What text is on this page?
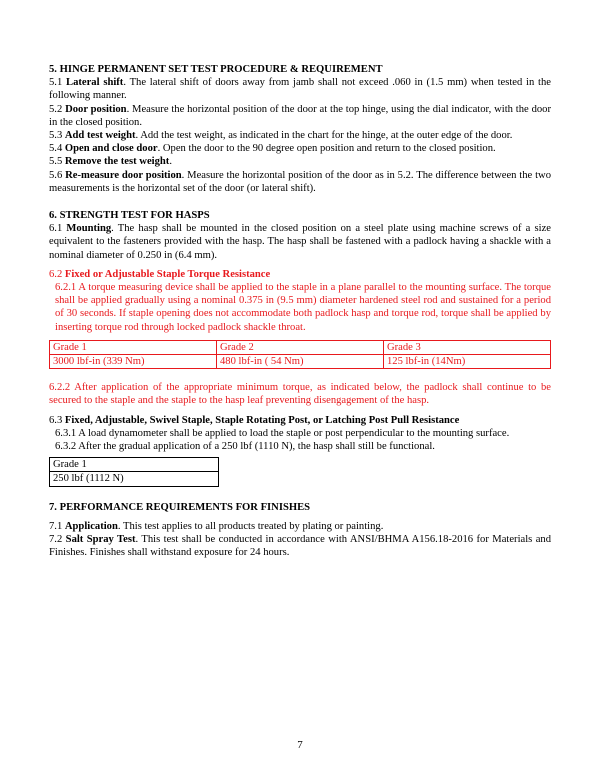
5. HINGE PERMANENT SET TEST PROCEDURE & REQUIREMENT

5.1 Lateral shift. The lateral shift of doors away from jamb shall not exceed .060 in (1.5 mm) when tested in the following manner.

5.2 Door position. Measure the horizontal position of the door at the top hinge, using the dial indicator, with the door in the closed position.

5.3 Add test weight. Add the test weight, as indicated in the chart for the hinge, at the outer edge of the door.

5.4 Open and close door. Open the door to the 90 degree open position and return to the closed position.

5.5 Remove the test weight.

5.6 Re-measure door position. Measure the horizontal position of the door as in 5.2. The difference between the two measurements is the horizontal set of the door (or lateral shift).

6. STRENGTH TEST FOR HASPS

6.1 Mounting. The hasp shall be mounted in the closed position on a steel plate using machine screws of a size equivalent to the fasteners provided with the hasp. The hasp shall be fastened with a padlock having a shackle with a nominal diameter of 0.250 in (6.4 mm).

6.2 Fixed or Adjustable Staple Torque Resistance

6.2.1 A torque measuring device shall be applied to the staple in a plane parallel to the mounting surface. The torque shall be applied gradually using a nominal 0.375 in (9.5 mm) diameter hardened steel rod and sustained for a period of 30 seconds. If staple opening does not accommodate both padlock hasp and torque rod, torque shall be applied by inserting torque rod through locked padlock shackle throat.

Grade 1	Grade 2	Grade 3
3000 lbf-in (339 Nm)	480 lbf-in ( 54 Nm)	125 lbf-in (14Nm)

6.2.2 After application of the appropriate minimum torque, as indicated below, the padlock shall continue to be secured to the staple and the staple to the hasp leaf preventing disengagement of the hasp.

6.3 Fixed, Adjustable, Swivel Staple, Staple Rotating Post, or Latching Post Pull Resistance

6.3.1 A load dynamometer shall be applied to load the staple or post perpendicular to the mounting surface.

6.3.2 After the gradual application of a 250 lbf (1110 N), the hasp shall still be functional.

Grade 1
250 lbf (1112 N)

7. PERFORMANCE REQUIREMENTS FOR FINISHES

7.1 Application. This test applies to all products treated by plating or painting.

7.2 Salt Spray Test. This test shall be conducted in accordance with ANSI/BHMA A156.18-2016 for Materials and Finishes. Finishes shall withstand exposure for 24 hours.

7
